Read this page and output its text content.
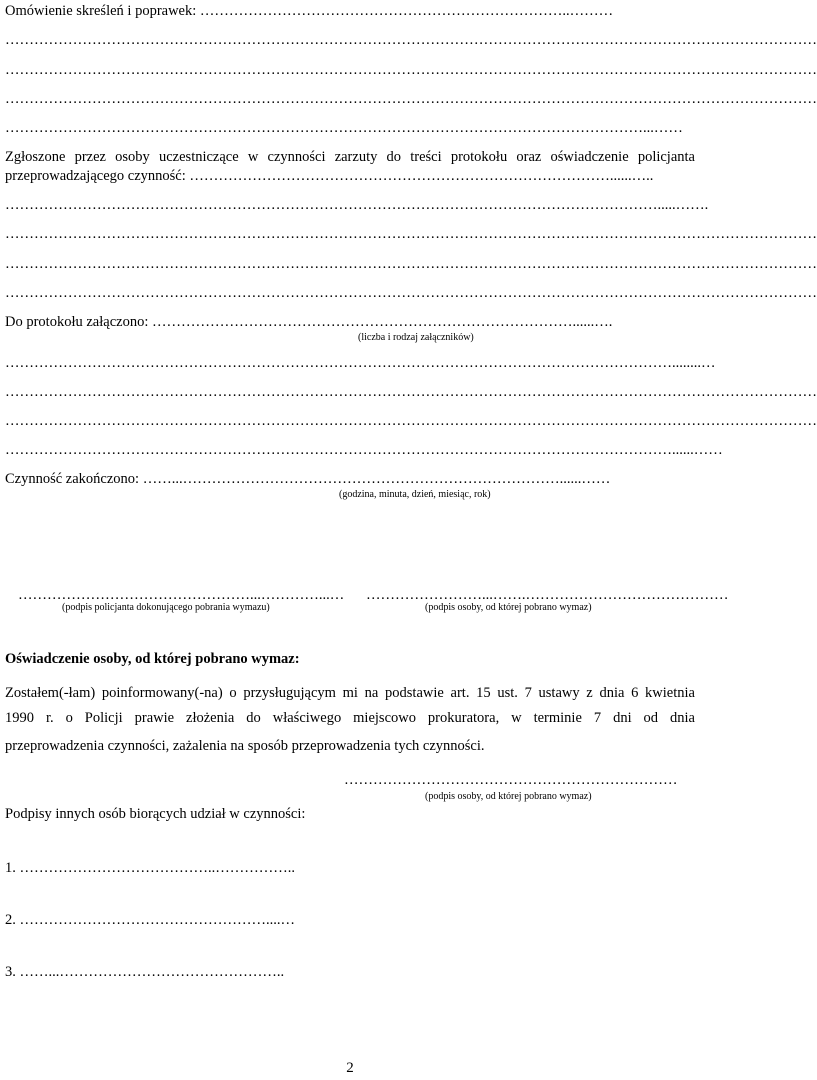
Omówienie skreśleń i poprawek: …………………………………………………………………..………
……………………………………………………………………………………………………………………………………………………
……………………………………………………………………………………………………………………………………………………
……………………………………………………………………………………………………………………………………………………
……………………………………………………………………………………………………………………...……
Zgłoszone przez osoby uczestniczące w czynności zarzuty do treści protokołu oraz oświadczenie policjanta
przeprowadzającego czynność: ……………………………………………………………………………......…..
……………………………………………………………………………………………………………………….....…….
……………………………………………………………………………………………………………………………………………………
……………………………………………………………………………………………………………………………………………………
……………………………………………………………………………………………………………………………………………………
Do protokołu załączono: ……………………………………………………………………………......….
(liczba i rodzaj załączników)
…………………………………………………………………………………………………………………………........…
……………………………………………………………………………………………………………………………………………………
……………………………………………………………………………………………………………………………………………………
…………………………………………………………………………………………………………………………......……
Czynność zakończono: ……...……………………………………………………………………......……
(godzina, minuta, dzień, miesiąc, rok)
…………………………………………...…………...…
(podpis policjanta dokonującego pobrania wymazu)
……………………...…….……………………………………
(podpis osoby, od której pobrano wymaz)
Oświadczenie osoby, od której pobrano wymaz:
Zostałem(-łam) poinformowany(-na) o przysługującym mi na podstawie art. 15 ust. 7 ustawy z dnia 6 kwietnia
1990 r. o Policji prawie złożenia do właściwego miejscowo prokuratora, w terminie 7 dni od dnia
przeprowadzenia czynności, zażalenia na sposób przeprowadzenia tych czynności.
……………………………………………………………
(podpis osoby, od której pobrano wymaz)
Podpisy innych osób biorących udział w czynności:
1. …………………………………..……………..
2. ……………………………………………....…
3. ……...………………………………………..
2
